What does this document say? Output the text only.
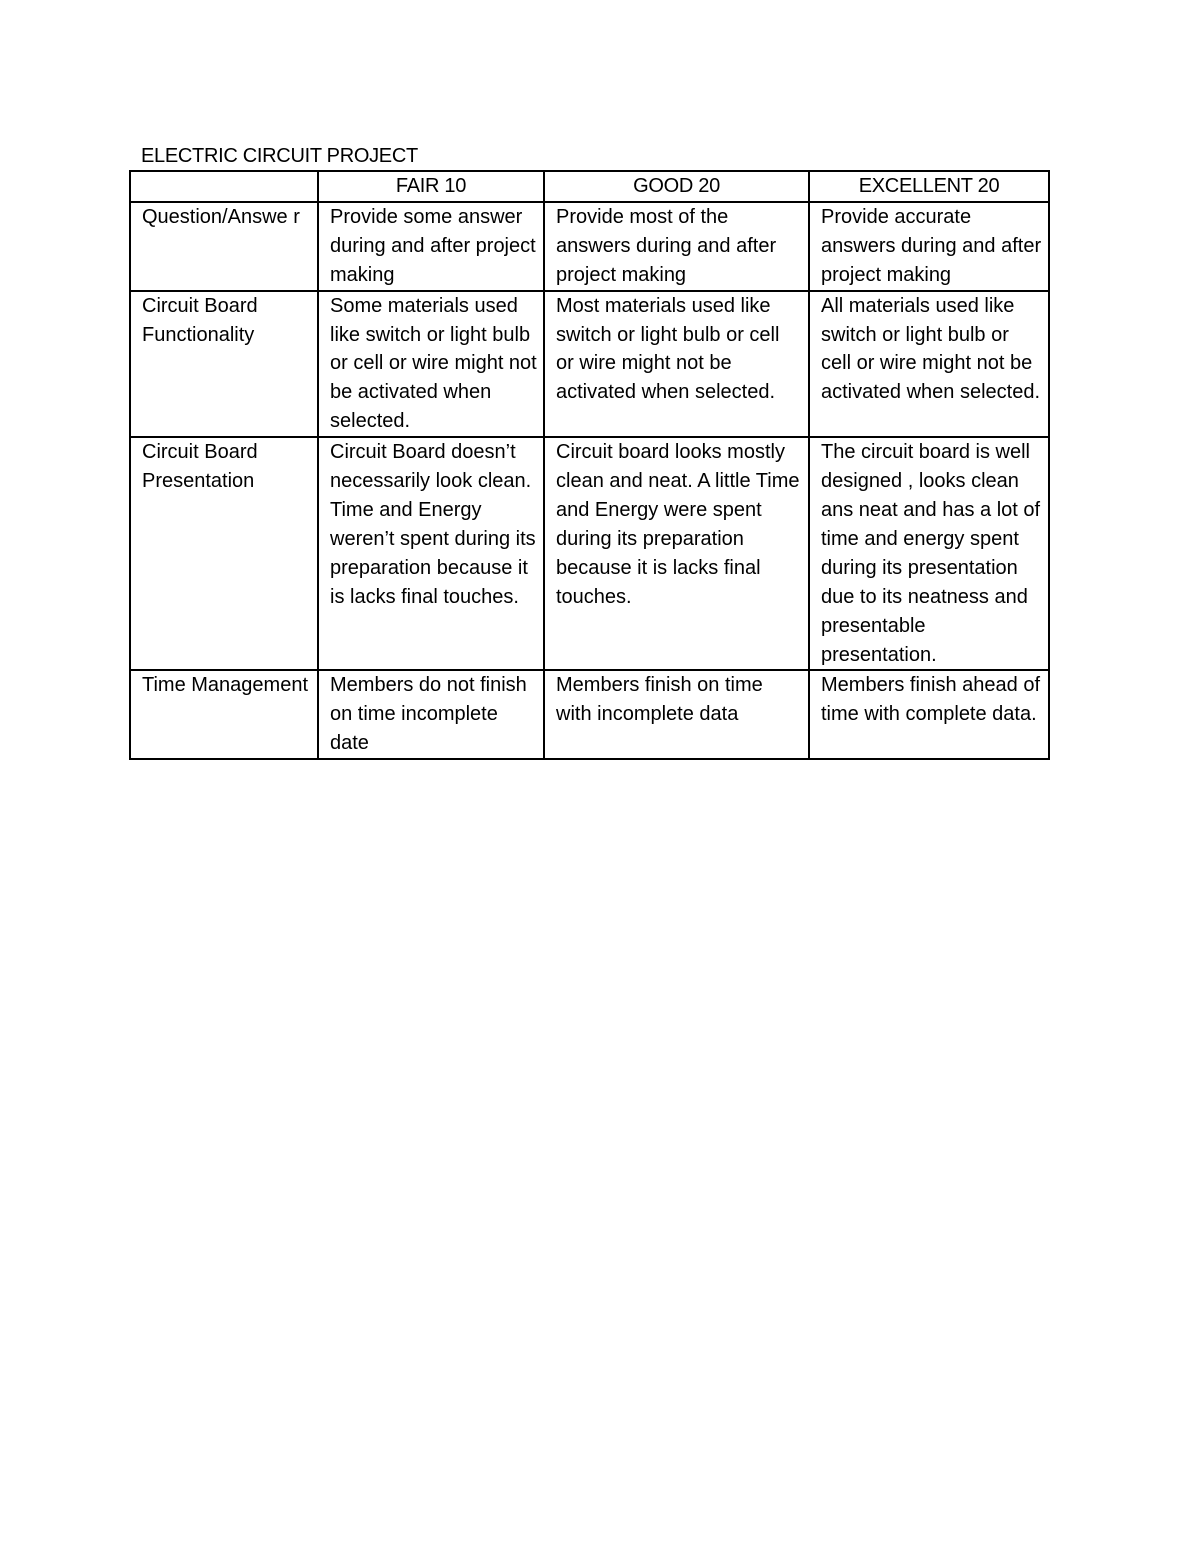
ELECTRIC CIRCUIT PROJECT
	FAIR 10	GOOD 20	EXCELLENT 20
Question/Answe r	Provide some answer during and after project making	Provide most of the answers during and after project making	Provide accurate answers during and after project making
Circuit Board Functionality	Some materials used like switch or light bulb or cell or wire might not be activated when selected.	Most materials used like switch or light bulb or cell or wire might not be activated when selected.	All materials used like switch or light bulb or cell or wire might not be activated when selected.
Circuit Board Presentation	Circuit Board doesn’t necessarily look clean. Time and Energy weren’t spent during its preparation because it is lacks final touches.	Circuit board looks mostly clean and neat. A little Time and Energy were spent during its preparation because it is lacks final touches.	The circuit board is well designed , looks clean ans neat and has a lot of time and energy spent during its presentation due to its neatness and presentable presentation.
Time Management	Members do not finish on time incomplete date	Members finish on time with incomplete data	Members finish ahead of time with complete data.
